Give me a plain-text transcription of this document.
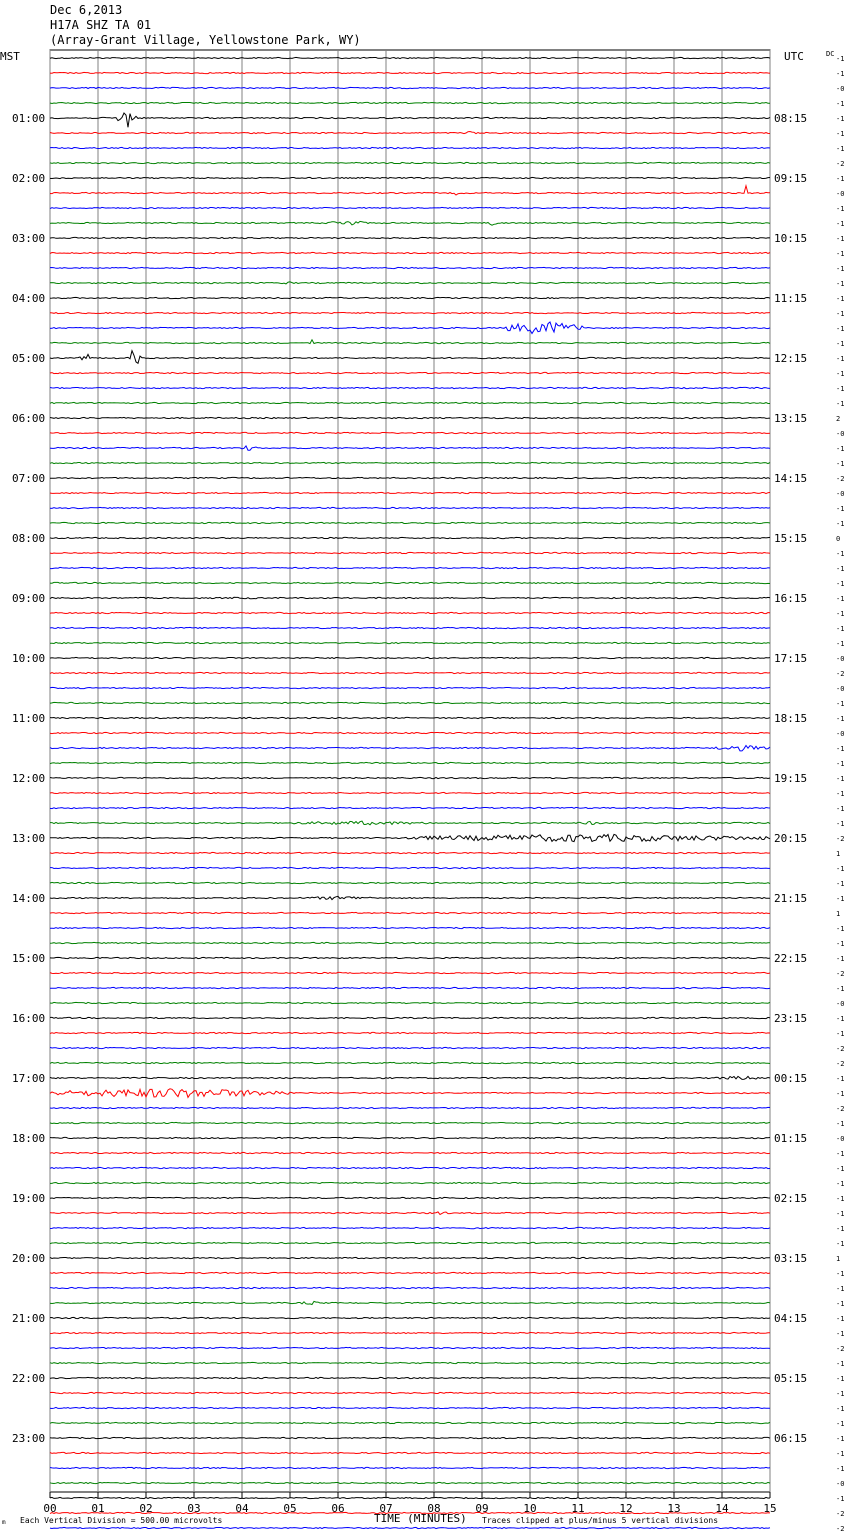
Dec 6,2013
H17A SHZ TA 01
(Array-Grant Village, Yellowstone Park, WY)
MST	UTC	DC
TIME (MINUTES)
Each Vertical Division = 500.00 microvolts	Traces clipped at plus/minus 5 vertical divisions
m
00	01	02	03	04	05	06	07	08	09	10	11	12	13	14	15
-1
-1
-0
-1
-1
-1
-1
-2
-1
-0
-1
-1
-1
-1
-1
-1
-1
-1
-1
-1
-1
-1
-1
-1
2
-0
-1
-1
-2
-0
-1
-1
0
-1
-1
-1
-1
-1
-1
-1
-0
-2
-0
-1
-1
-0
-1
-1
-1
-1
-1
-1
-2
1
-1
-1
-1
1
-1
-1
-1
-2
-1
-0
-1
-1
-2
-2
-1
-1
-2
-1
-0
-1
-1
-1
-1
-1
-1
-1
1
-1
-1
-1
-1
-1
-2
-1
-1
-1
-1
-1
-1
-1
-1
-0
-1
-2
-2
01:00
02:00
03:00
04:00
05:00
06:00
07:00
08:00
09:00
10:00
11:00
12:00
13:00
14:00
15:00
16:00
17:00
18:00
19:00
20:00
21:00
22:00
23:00
08:15
09:15
10:15
11:15
12:15
13:15
14:15
15:15
16:15
17:15
18:15
19:15
20:15
21:15
22:15
23:15
00:15
01:15
02:15
03:15
04:15
05:15
06:15
